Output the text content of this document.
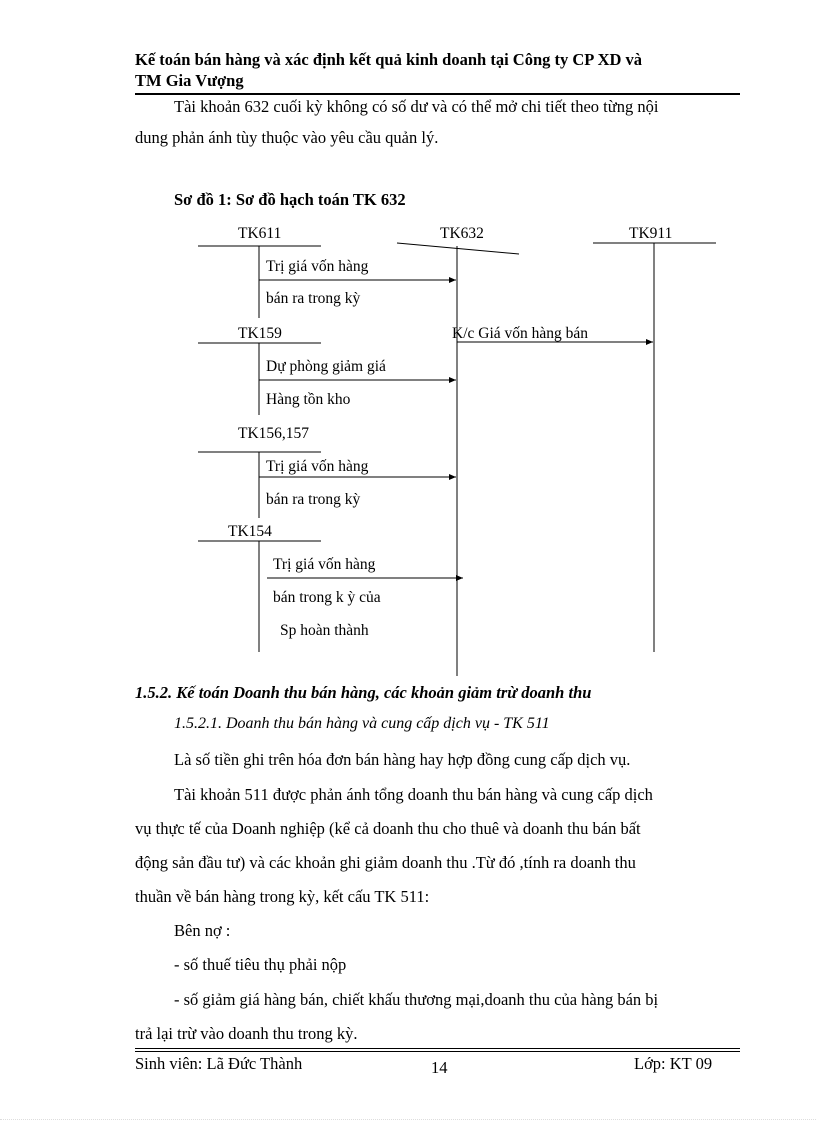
Kế toán bán hàng và xác định kết quả kinh doanh tại Công ty CP XD và
TM Gia Vượng
Tài khoản 632 cuối kỳ không có số dư và có thể mở chi tiết theo từng nội
dung phản ánh tùy thuộc vào yêu cầu quản lý.
Sơ đồ 1: Sơ đồ hạch toán TK 632
TK611	TK632	TK911
Trị giá vốn hàng
bán ra trong kỳ
TK159	K/c Giá vốn hàng bán
Dự phòng giảm giá
Hàng tồn kho
TK156,157
Trị giá vốn hàng
bán ra trong kỳ
TK154
Trị giá vốn hàng
bán trong k ỳ của
Sp hoàn thành
1.5.2. Kế toán Doanh thu bán hàng, các khoản giảm trừ doanh thu
1.5.2.1. Doanh thu bán hàng và cung cấp dịch vụ - TK 511
Là số tiền ghi trên hóa đơn bán hàng hay hợp đồng cung cấp dịch vụ.
Tài khoản 511 được phản ánh tổng doanh thu bán hàng và cung cấp dịch
vụ thực tế của Doanh nghiệp (kể cả doanh thu cho thuê và doanh thu bán bất
động sản đầu tư) và các khoản ghi giảm doanh thu .Từ đó ,tính ra doanh thu
thuần về bán hàng trong kỳ, kết cấu TK 511:
Bên nợ :
- số thuế tiêu thụ phải nộp
- số giảm giá hàng bán, chiết khấu thương mại,doanh thu của hàng bán bị
trả lại trừ vào doanh thu trong kỳ.
Sinh viên: Lã Đức Thành	14	Lớp: KT 09
